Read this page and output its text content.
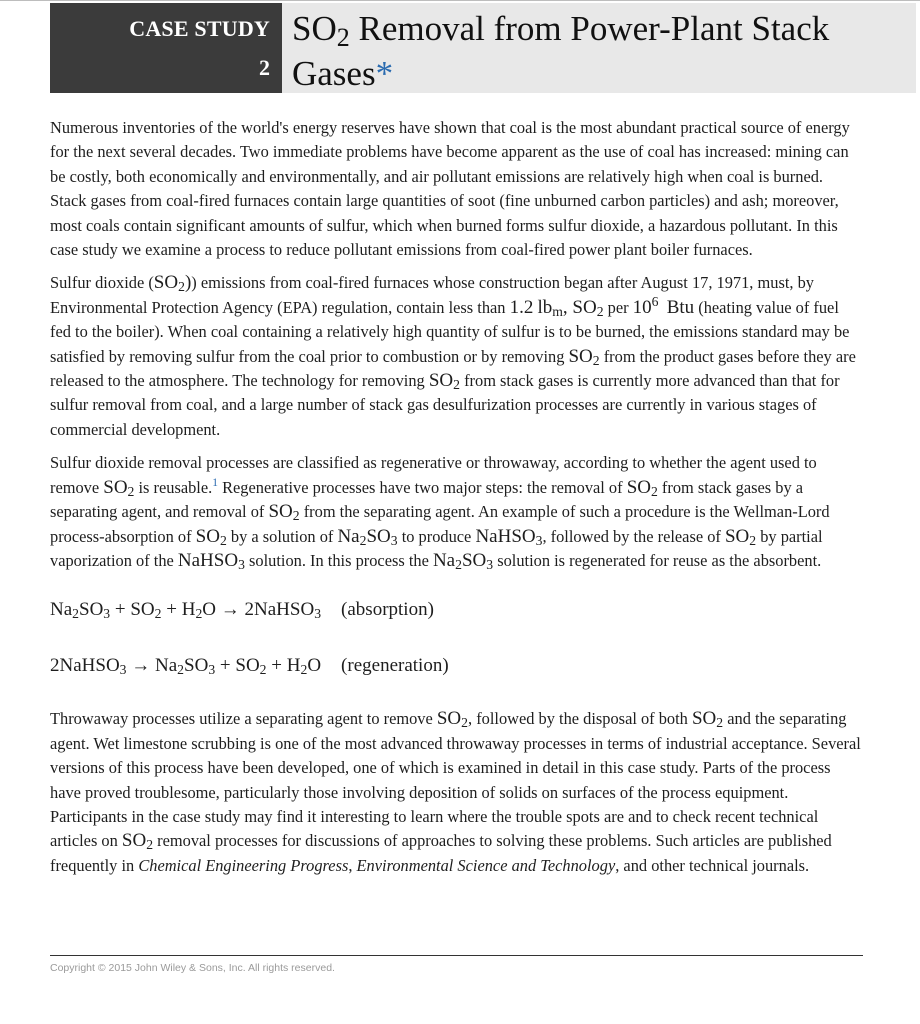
CASE STUDY
2
$SO_2$ Removal from Power-Plant Stack
Gases*

Numerous inventories of the world's energy reserves have shown that coal is the most abundant practical source of energy for the next several decades. Two immediate problems have become apparent as the use of coal has increased: mining can be costly, both economically and environmentally, and air pollutant emissions are relatively high when coal is burned. Stack gases from coal-fired furnaces contain large quantities of soot (fine unburned carbon particles) and ash; moreover, most coals contain significant amounts of sulfur, which when burned forms sulfur dioxide, a hazardous pollutant. In this case study we examine a process to reduce pollutant emissions from coal-fired power plant boiler furnaces.

Sulfur dioxide $(SO_2)$) emissions from coal-fired furnaces whose construction began after August 17, 1971, must, by Environmental Protection Agency (EPA) regulation, contain less than 1.2 $lb_m$, $SO_2$ per $10^6$ Btu (heating value of fuel fed to the boiler). When coal containing a relatively high quantity of sulfur is to be burned, the emissions standard may be satisfied by removing sulfur from the coal prior to combustion or by removing $SO_2$ from the product gases before they are released to the atmosphere. The technology for removing $SO_2$ from stack gases is currently more advanced than that for sulfur removal from coal, and a large number of stack gas desulfurization processes are currently in various stages of commercial development.

Sulfur dioxide removal processes are classified as regenerative or throwaway, according to whether the agent used to remove $SO_2$ is reusable.$^1$ Regenerative processes have two major steps: the removal of $SO_2$ from stack gases by a separating agent, and removal of $SO_2$ from the separating agent. An example of such a procedure is the Wellman-Lord process-absorption of $SO_2$ by a solution of $Na_2SO_3$ to produce NaHSO$_3$, followed by the release of $SO_2$ by partial vaporization of the NaHSO$_3$ solution. In this process the $Na_2SO_3$ solution is regenerated for reuse as the absorbent.

$Na_2SO_3 + SO_2 + H_2O$ → 2NaHSO$_3$ (absorption)
2NaHSO$_3$ → $Na_2SO_3 + SO_2 + H_2O$ (regeneration)

Throwaway processes utilize a separating agent to remove $SO_2$, followed by the disposal of both $SO_2$ and the separating agent. Wet limestone scrubbing is one of the most advanced throwaway processes in terms of industrial acceptance. Several versions of this process have been developed, one of which is examined in detail in this case study. Parts of the process have proved troublesome, particularly those involving deposition of solids on surfaces of the process equipment. Participants in the case study may find it interesting to learn where the trouble spots are and to check recent technical articles on $SO_2$ removal processes for discussions of approaches to solving these problems. Such articles are published frequently in Chemical Engineering Progress, Environmental Science and Technology, and other technical journals.

Copyright © 2015 John Wiley & Sons, Inc. All rights reserved.
